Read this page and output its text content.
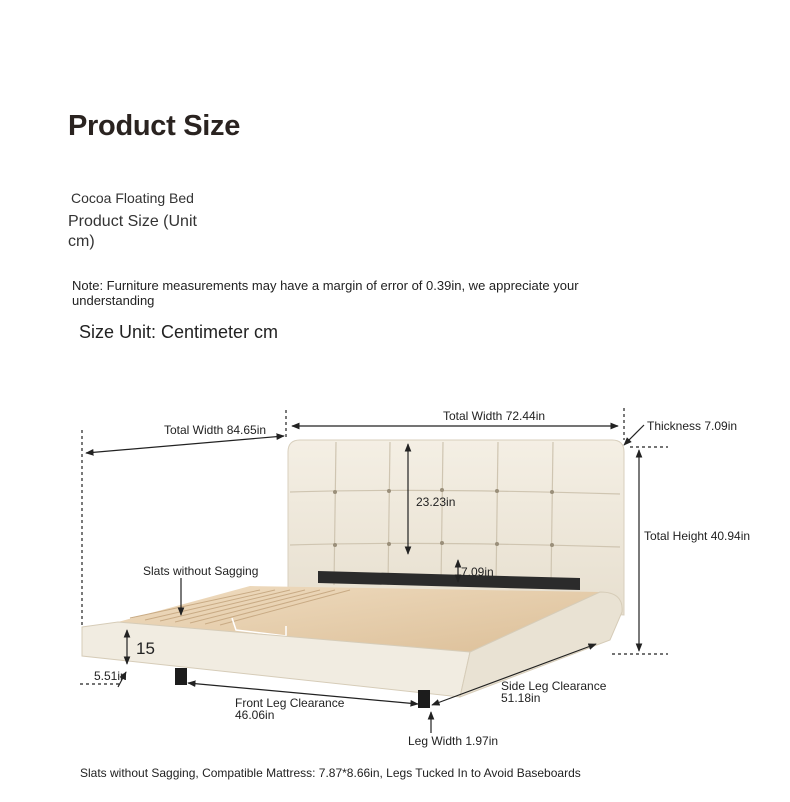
Product Size
Cocoa Floating Bed
Product Size (Unit cm)
Note: Furniture measurements may have a margin of error of 0.39in, we appreciate your understanding
Size Unit: Centimeter cm
Total Width 84.65in
Total Width 72.44in
Thickness 7.09in
23.23in
7.09in
Total Height 40.94in
Slats without Sagging
15
5.51in
Front Leg Clearance
46.06in
Side Leg Clearance
51.18in
Leg Width 1.97in
Slats without Sagging, Compatible Mattress: 7.87*8.66in, Legs Tucked In to Avoid Baseboards
